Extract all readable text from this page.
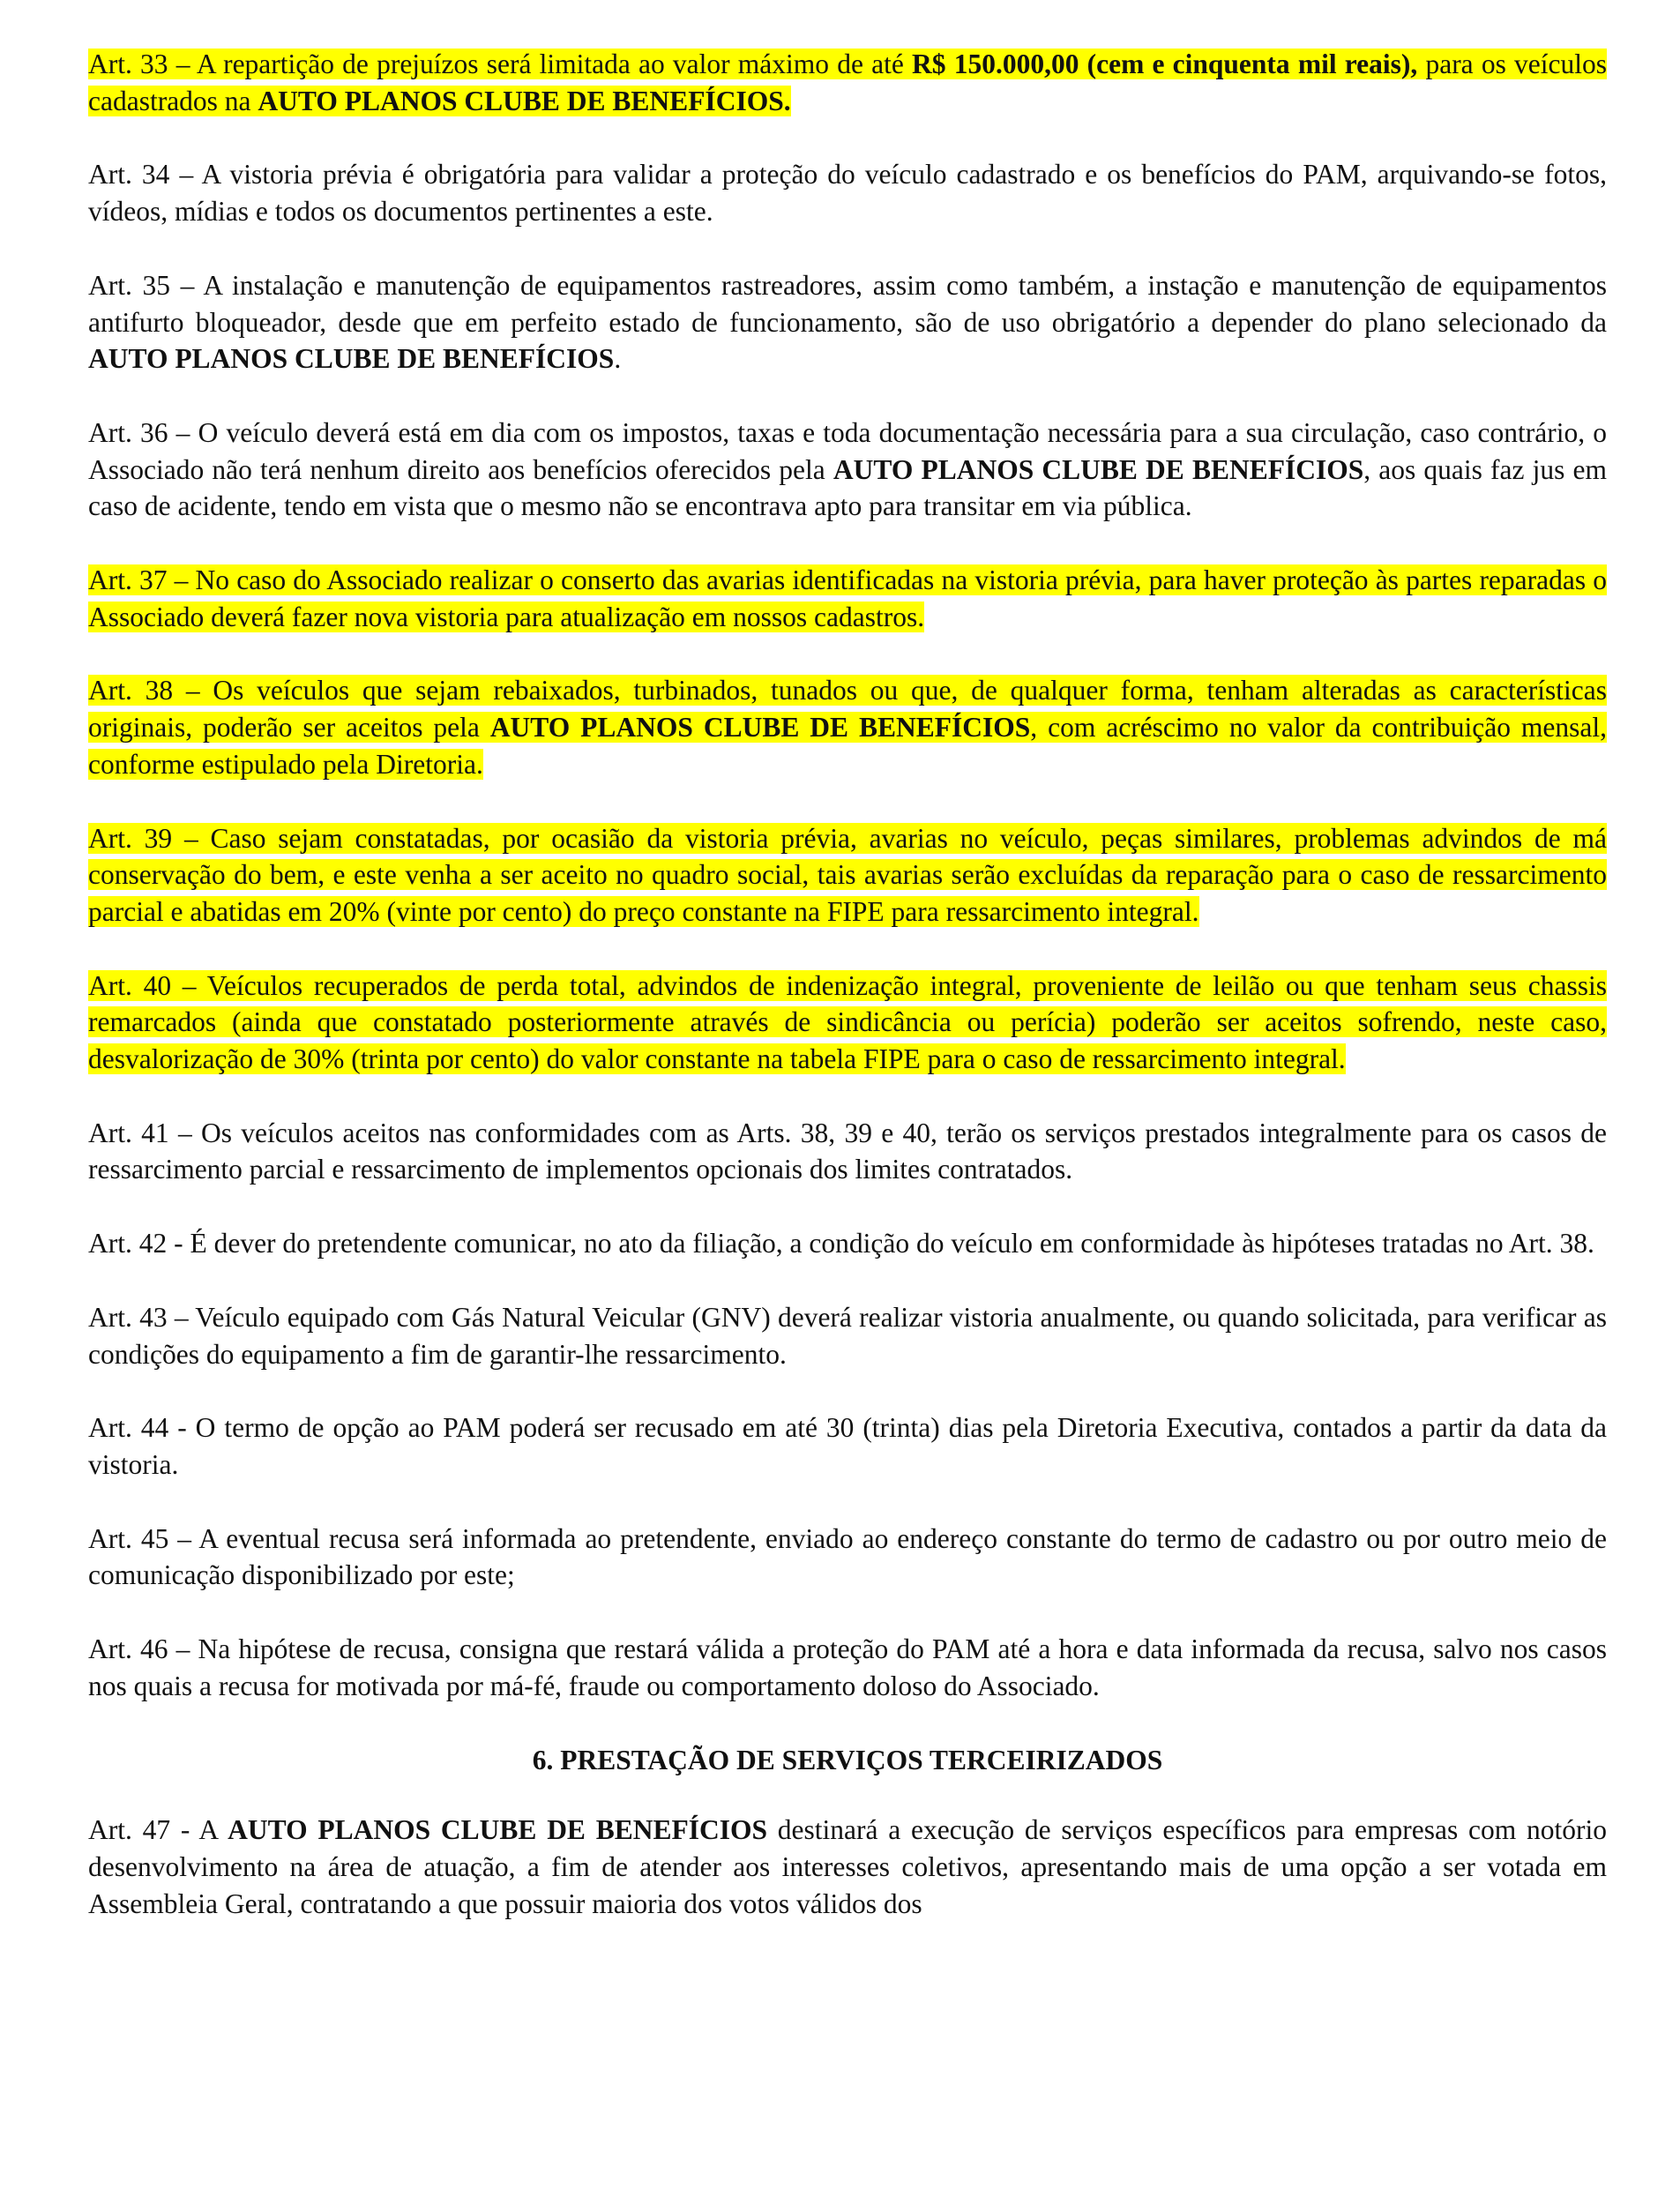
Art. 33 – A repartição de prejuízos será limitada ao valor máximo de até R$ 150.000,00 (cem e cinquenta mil reais), para os veículos cadastrados na AUTO PLANOS CLUBE DE BENEFÍCIOS.
Art. 34 – A vistoria prévia é obrigatória para validar a proteção do veículo cadastrado e os benefícios do PAM, arquivando-se fotos, vídeos, mídias e todos os documentos pertinentes a este.
Art. 35 – A instalação e manutenção de equipamentos rastreadores, assim como também, a instação e manutenção de equipamentos antifurto bloqueador, desde que em perfeito estado de funcionamento, são de uso obrigatório a depender do plano selecionado da AUTO PLANOS CLUBE DE BENEFÍCIOS.
Art. 36 – O veículo deverá está em dia com os impostos, taxas e toda documentação necessária para a sua circulação, caso contrário, o Associado não terá nenhum direito aos benefícios oferecidos pela AUTO PLANOS CLUBE DE BENEFÍCIOS, aos quais faz jus em caso de acidente, tendo em vista que o mesmo não se encontrava apto para transitar em via pública.
Art. 37 – No caso do Associado realizar o conserto das avarias identificadas na vistoria prévia, para haver proteção às partes reparadas o Associado deverá fazer nova vistoria para atualização em nossos cadastros.
Art. 38 – Os veículos que sejam rebaixados, turbinados, tunados ou que, de qualquer forma, tenham alteradas as características originais, poderão ser aceitos pela AUTO PLANOS CLUBE DE BENEFÍCIOS, com acréscimo no valor da contribuição mensal, conforme estipulado pela Diretoria.
Art. 39 – Caso sejam constatadas, por ocasião da vistoria prévia, avarias no veículo, peças similares, problemas advindos de má conservação do bem, e este venha a ser aceito no quadro social, tais avarias serão excluídas da reparação para o caso de ressarcimento parcial e abatidas em 20% (vinte por cento) do preço constante na FIPE para ressarcimento integral.
Art. 40 – Veículos recuperados de perda total, advindos de indenização integral, proveniente de leilão ou que tenham seus chassis remarcados (ainda que constatado posteriormente através de sindicância ou perícia) poderão ser aceitos sofrendo, neste caso, desvalorização de 30% (trinta por cento) do valor constante na tabela FIPE para o caso de ressarcimento integral.
Art. 41 – Os veículos aceitos nas conformidades com as Arts. 38, 39 e 40, terão os serviços prestados integralmente para os casos de ressarcimento parcial e ressarcimento de implementos opcionais dos limites contratados.
Art. 42 - É dever do pretendente comunicar, no ato da filiação, a condição do veículo em conformidade às hipóteses tratadas no Art. 38.
Art. 43 – Veículo equipado com Gás Natural Veicular (GNV) deverá realizar vistoria anualmente, ou quando solicitada, para verificar as condições do equipamento a fim de garantir-lhe ressarcimento.
Art. 44 - O termo de opção ao PAM poderá ser recusado em até 30 (trinta) dias pela Diretoria Executiva, contados a partir da data da vistoria.
Art. 45 – A eventual recusa será informada ao pretendente, enviado ao endereço constante do termo de cadastro ou por outro meio de comunicação disponibilizado por este;
Art. 46 – Na hipótese de recusa, consigna que restará válida a proteção do PAM até a hora e data informada da recusa, salvo nos casos nos quais a recusa for motivada por má-fé, fraude ou comportamento doloso do Associado.
6. PRESTAÇÃO DE SERVIÇOS TERCEIRIZADOS
Art. 47 - A AUTO PLANOS CLUBE DE BENEFÍCIOS destinará a execução de serviços específicos para empresas com notório desenvolvimento na área de atuação, a fim de atender aos interesses coletivos, apresentando mais de uma opção a ser votada em Assembleia Geral, contratando a que possuir maioria dos votos válidos dos
